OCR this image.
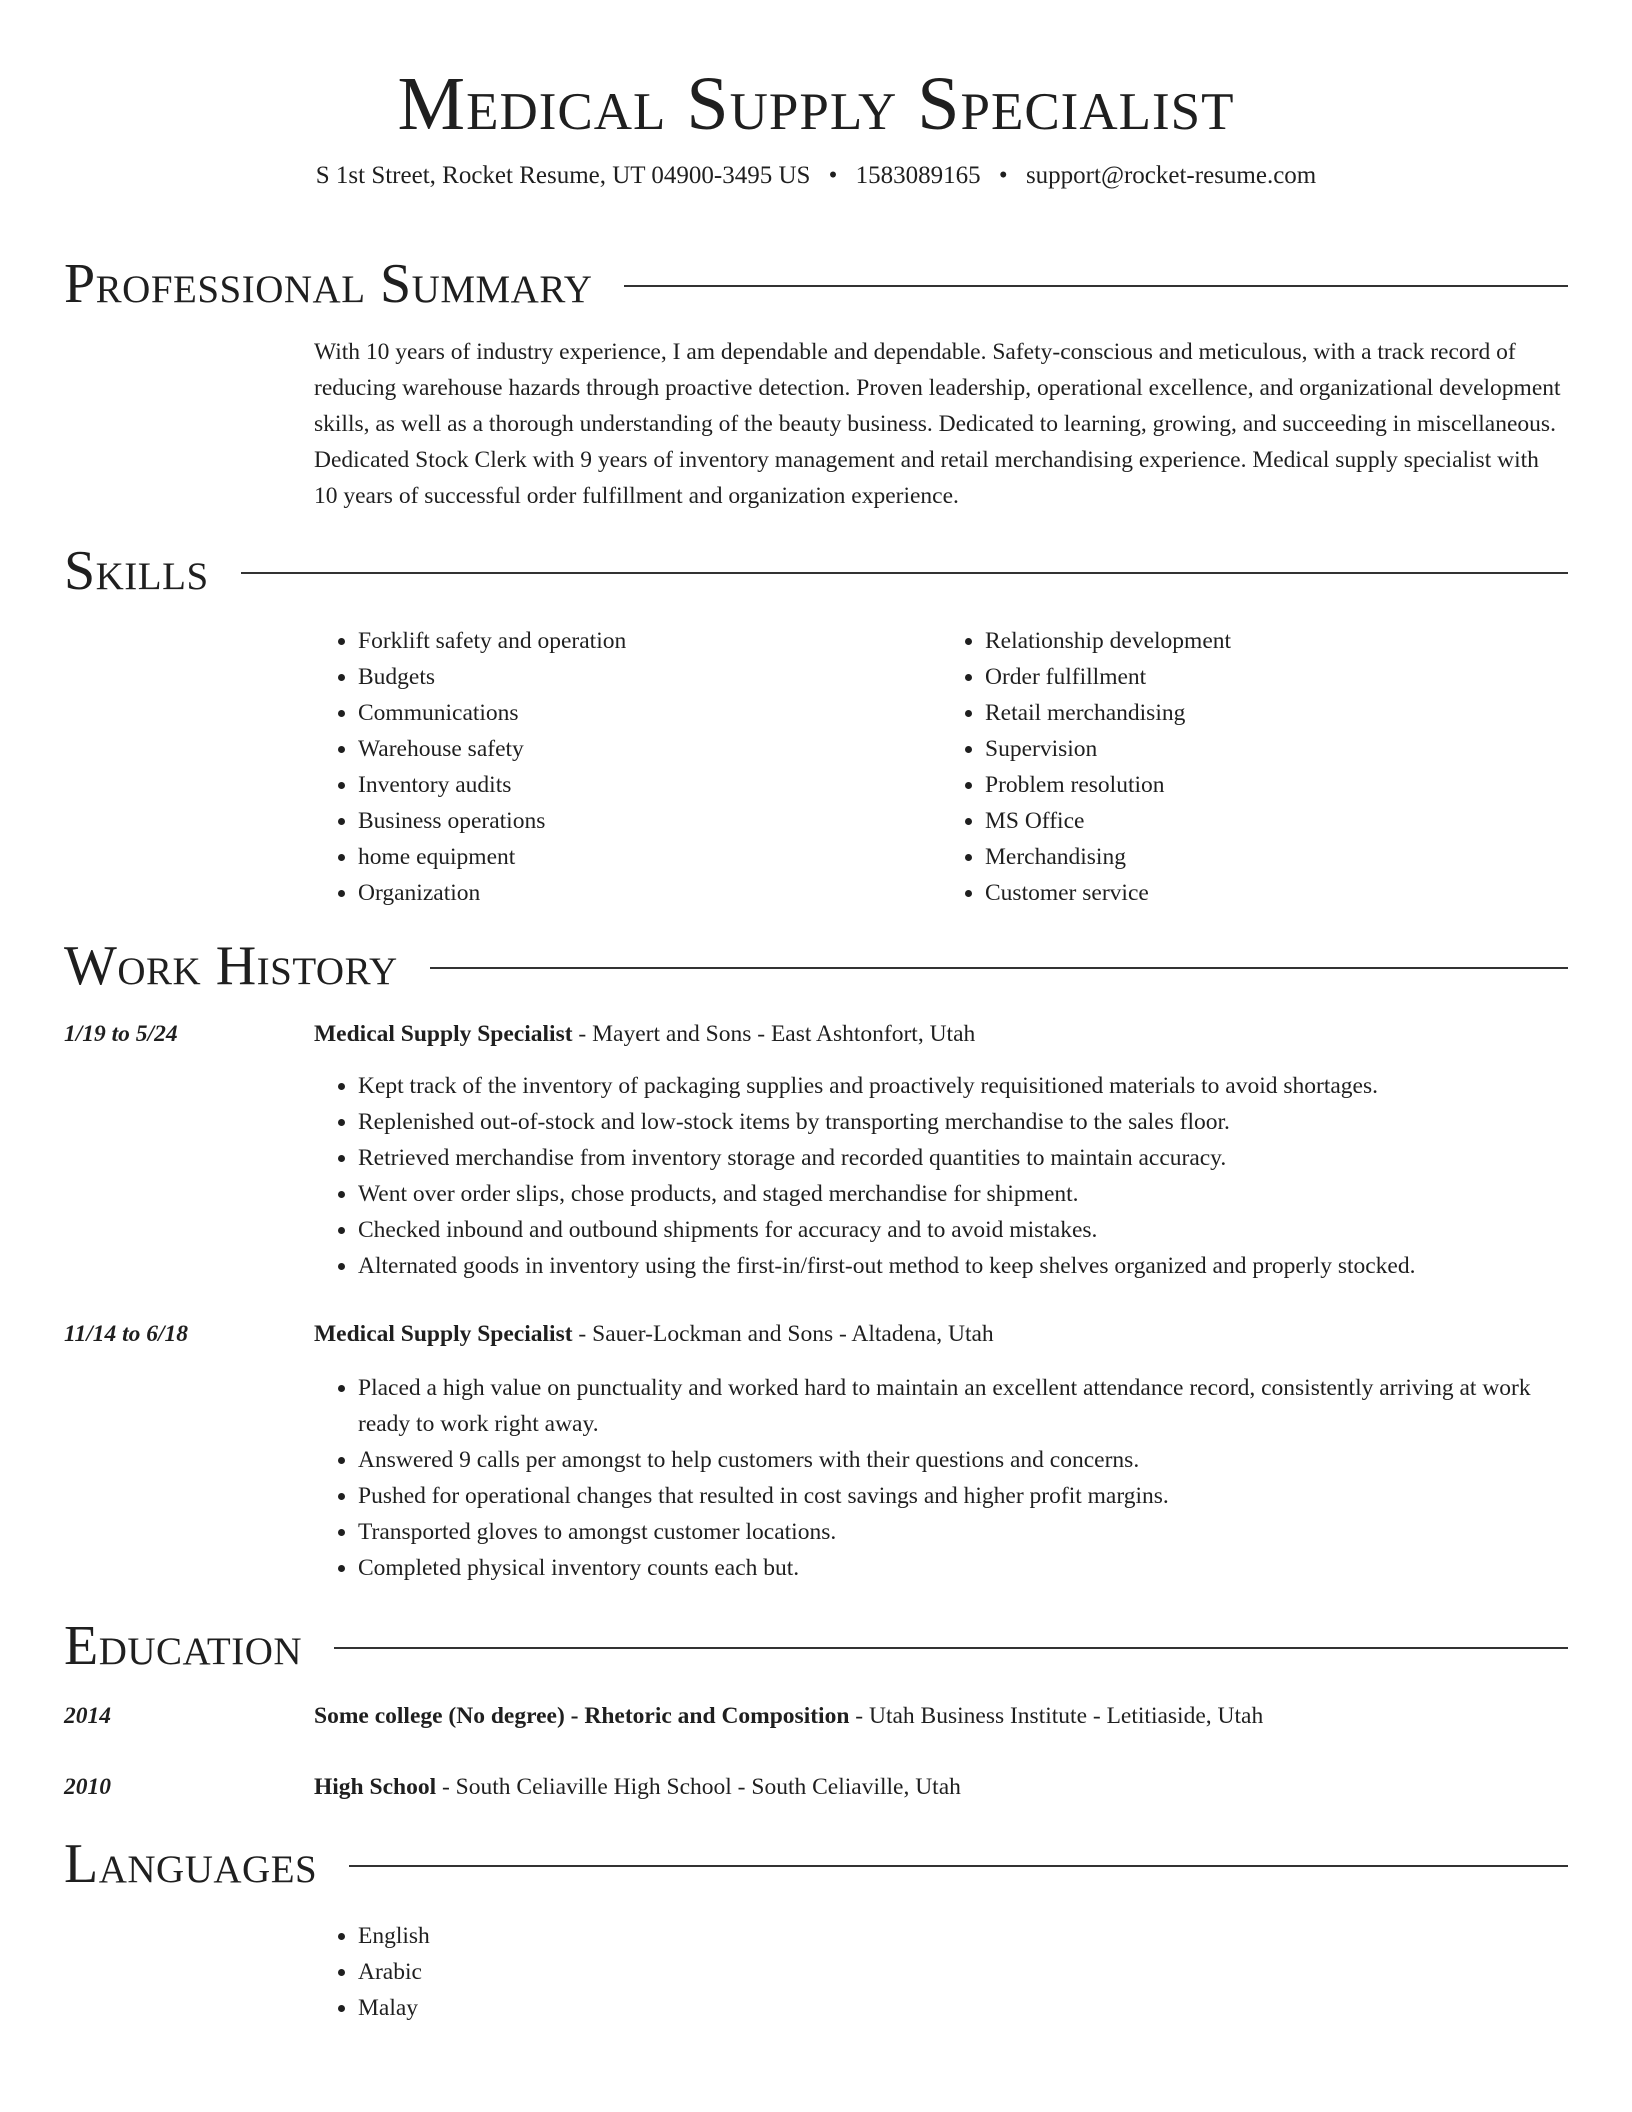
Medical Supply Specialist
S 1st Street, Rocket Resume, UT 04900-3495 US • 1583089165 • support@rocket-resume.com
Professional Summary

With 10 years of industry experience, I am dependable and dependable. Safety-conscious and meticulous, with a track record of reducing warehouse hazards through proactive detection. Proven leadership, operational excellence, and organizational development skills, as well as a thorough understanding of the beauty business. Dedicated to learning, growing, and succeeding in miscellaneous. Dedicated Stock Clerk with 9 years of inventory management and retail merchandising experience. Medical supply specialist with 10 years of successful order fulfillment and organization experience.

Skills
• Forklift safety and operation
• Budgets
• Communications
• Warehouse safety
• Inventory audits
• Business operations
• home equipment
• Organization
• Relationship development
• Order fulfillment
• Retail merchandising
• Supervision
• Problem resolution
• MS Office
• Merchandising
• Customer service
Work History
1/19 to 5/24	Medical Supply Specialist - Mayert and Sons - East Ashtonfort, Utah
• Kept track of the inventory of packaging supplies and proactively requisitioned materials to avoid shortages.
• Replenished out-of-stock and low-stock items by transporting merchandise to the sales floor.
• Retrieved merchandise from inventory storage and recorded quantities to maintain accuracy.
• Went over order slips, chose products, and staged merchandise for shipment.
• Checked inbound and outbound shipments for accuracy and to avoid mistakes.
• Alternated goods in inventory using the first-in/first-out method to keep shelves organized and properly stocked.
11/14 to 6/18	Medical Supply Specialist - Sauer-Lockman and Sons - Altadena, Utah
• Placed a high value on punctuality and worked hard to maintain an excellent attendance record, consistently arriving at work ready to work right away.
• Answered 9 calls per amongst to help customers with their questions and concerns.
• Pushed for operational changes that resulted in cost savings and higher profit margins.
• Transported gloves to amongst customer locations.
• Completed physical inventory counts each but.
Education
2014	Some college (No degree) - Rhetoric and Composition - Utah Business Institute - Letitiaside, Utah
2010	High School - South Celiaville High School - South Celiaville, Utah
Languages
• English
• Arabic
• Malay
